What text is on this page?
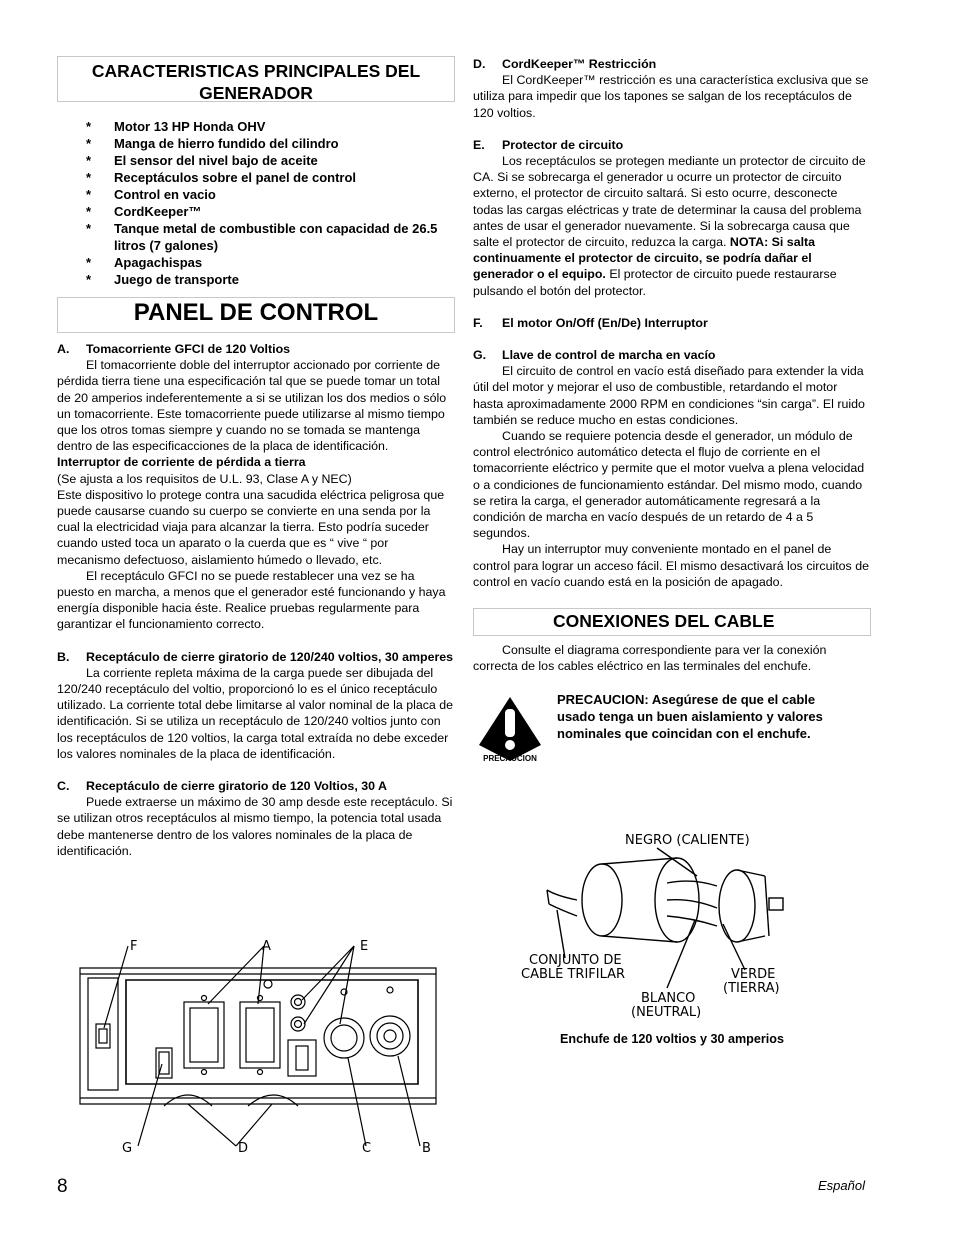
CARACTERISTICAS PRINCIPALES DEL GENERADOR
* Motor 13 HP Honda OHV
* Manga de hierro fundido del cilindro
* El sensor del nivel bajo de aceite
* Receptáculos sobre el panel de control
* Control en vacio
* CordKeeper™
* Tanque metal de combustible con capacidad de 26.5 litros (7 galones)
* Apagachispas
* Juego de transporte
PANEL DE CONTROL
A.	Tomacorriente GFCI de 120 Voltios

El tomacorriente doble del interruptor accionado por corriente de pérdida tierra tiene una especificación tal que se puede tomar un total de 20 amperios indeferentemente a si se utilizan los dos medios o sólo un tomacorriente. Este tomacorriente puede utilizarse al mismo tiempo que los otros tomas siempre y cuando no se tomada se mantenga dentro de las especificacciones de la placa de identificación.

Interruptor de corriente de pérdida a tierra

(Se ajusta a los requisitos de U.L. 93, Clase A y NEC)

Este dispositivo lo protege contra una sacudida eléctrica peligrosa que puede causarse cuando su cuerpo se convierte en una senda por la cual la electricidad viaja para alcanzar la tierra. Esto podría suceder cuando usted toca un aparato o la cuerda que es “ vive “ por mecanismo defectuoso, aislamiento húmedo o llevado, etc.

El receptáculo GFCI no se puede restablecer una vez se ha puesto en marcha, a menos que el generador esté funcionando y haya energía disponible hacia éste. Realice pruebas regularmente para garantizar el funcionamiento correcto.

B.	Receptáculo de cierre giratorio de 120/240 voltios, 30 amperes

La corriente repleta máxima de la carga puede ser dibujada del 120/240 receptáculo del voltio, proporcionó lo es el único receptáculo utilizado. La corriente total debe limitarse al valor nominal de la placa de identificación. Si se utiliza un receptáculo de 120/240 voltios junto con los receptáculos de 120 voltios, la carga total extraída no debe exceder los valores nominales de la placa de identificación.

C.	Receptáculo de cierre giratorio de 120 Voltios, 30 A

Puede extraerse un máximo de 30 amp desde este receptáculo. Si se utilizan otros receptáculos al mismo tiempo, la potencia total usada debe mantenerse dentro de los valores nominales de la placa de identificación.

D.	CordKeeper™ Restricción

El CordKeeper™ restricción es una característica exclusiva que se utiliza para impedir que los tapones se salgan de los receptáculos de 120 voltios.

E.	Protector de circuito

Los receptáculos se protegen mediante un protector de circuito de CA. Si se sobrecarga el generador u ocurre un protector de circuito externo, el protector de circuito saltará. Si esto ocurre, desconecte todas las cargas eléctricas y trate de determinar la causa del problema antes de usar el generador nuevamente. Si la sobrecarga causa que salte el protector de circuito, reduzca la carga. NOTA: Si salta continuamente el protector de circuito, se podría dañar el generador o el equipo. El protector de circuito puede restaurarse pulsando el botón del protector.

F.	El motor On/Off (En/De) Interruptor
G.	Llave de control de marcha en vacío

El circuito de control en vacío está diseñado para extender la vida útil del motor y mejorar el uso de combustible, retardando el motor hasta aproximadamente 2000 RPM en condiciones “sin carga”. El ruido también se reduce mucho en estas condiciones.

Cuando se requiere potencia desde el generador, un módulo de control electrónico automático detecta el flujo de corriente en el tomacorriente eléctrico y permite que el motor vuelva a plena velocidad o a condiciones de funcionamiento estándar. Del mismo modo, cuando se retira la carga, el generador automáticamente regresará a la condición de marcha en vacío después de un retardo de 4 a 5 segundos.

Hay un interruptor muy conveniente montado en el panel de control para lograr un acceso fácil. El mismo desactivará los circuitos de control en vacío cuando está en la posición de apagado.

CONEXIONES DEL CABLE

Consulte el diagrama correspondiente para ver la conexión correcta de los cables eléctrico en las terminales del enchufe.

PRECAUCION
PRECAUCION: Asegúrese de que el cable usado tenga un buen aislamiento y valores nominales que coincidan con el enchufe.
NEGRO (CALIENTE)
CONJUNTO DE
CABLE TRIFILAR	VERDE
(TIERRA)
BLANCO
(NEUTRAL)
Enchufe de 120 voltios y 30 amperios
F	A	E
G	D	C	B
8	Español
